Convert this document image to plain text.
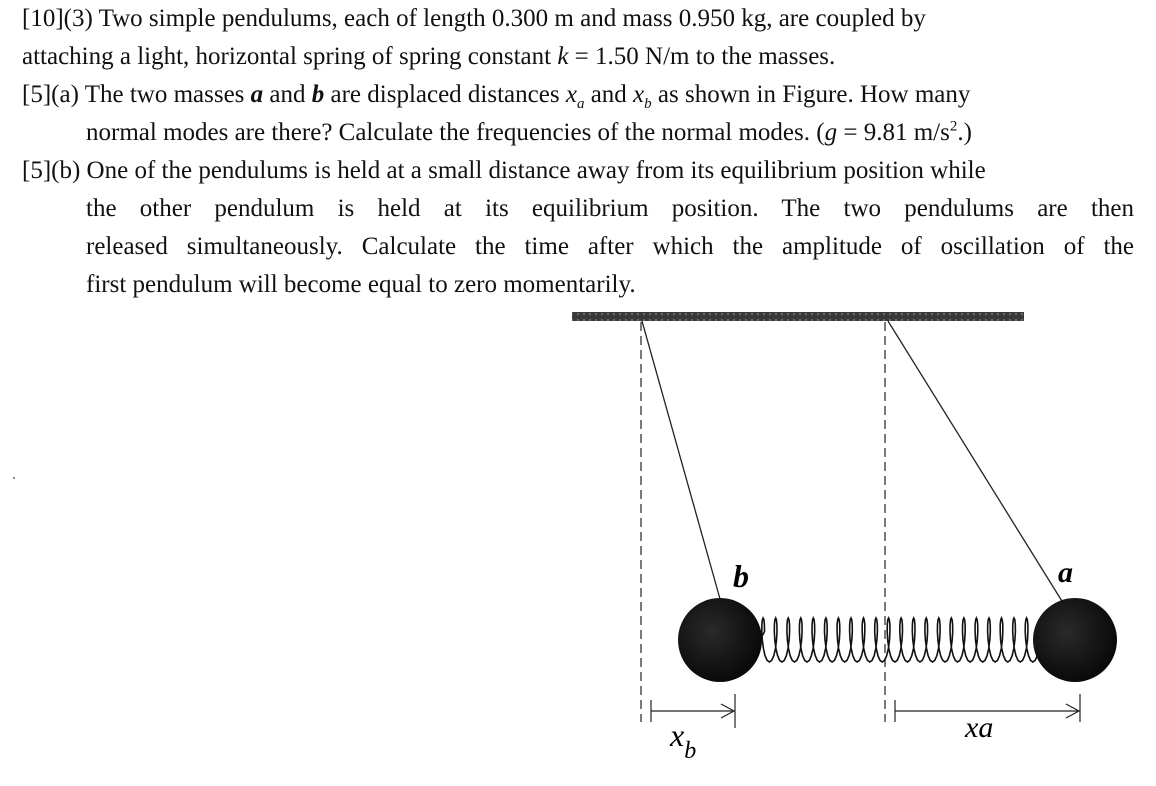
[10](3) Two simple pendulums, each of length 0.300 m and mass 0.950 kg, are coupled by
attaching a light, horizontal spring of spring constant k = 1.50 N/m to the masses.
[5](a) The two masses a and b are displaced distances $x_a$ and $x_b$ as shown in Figure. How many
normal modes are there? Calculate the frequencies of the normal modes. (g = 9.81 $m/s^2$.)
[5](b) One of the pendulums is held at a small distance away from its equilibrium position while
the other pendulum is held at its equilibrium position. The two pendulums are then
released simultaneously. Calculate the time after which the amplitude of oscillation of the
first pendulum will become equal to zero momentarily.
b	a
$x_b$
xa
